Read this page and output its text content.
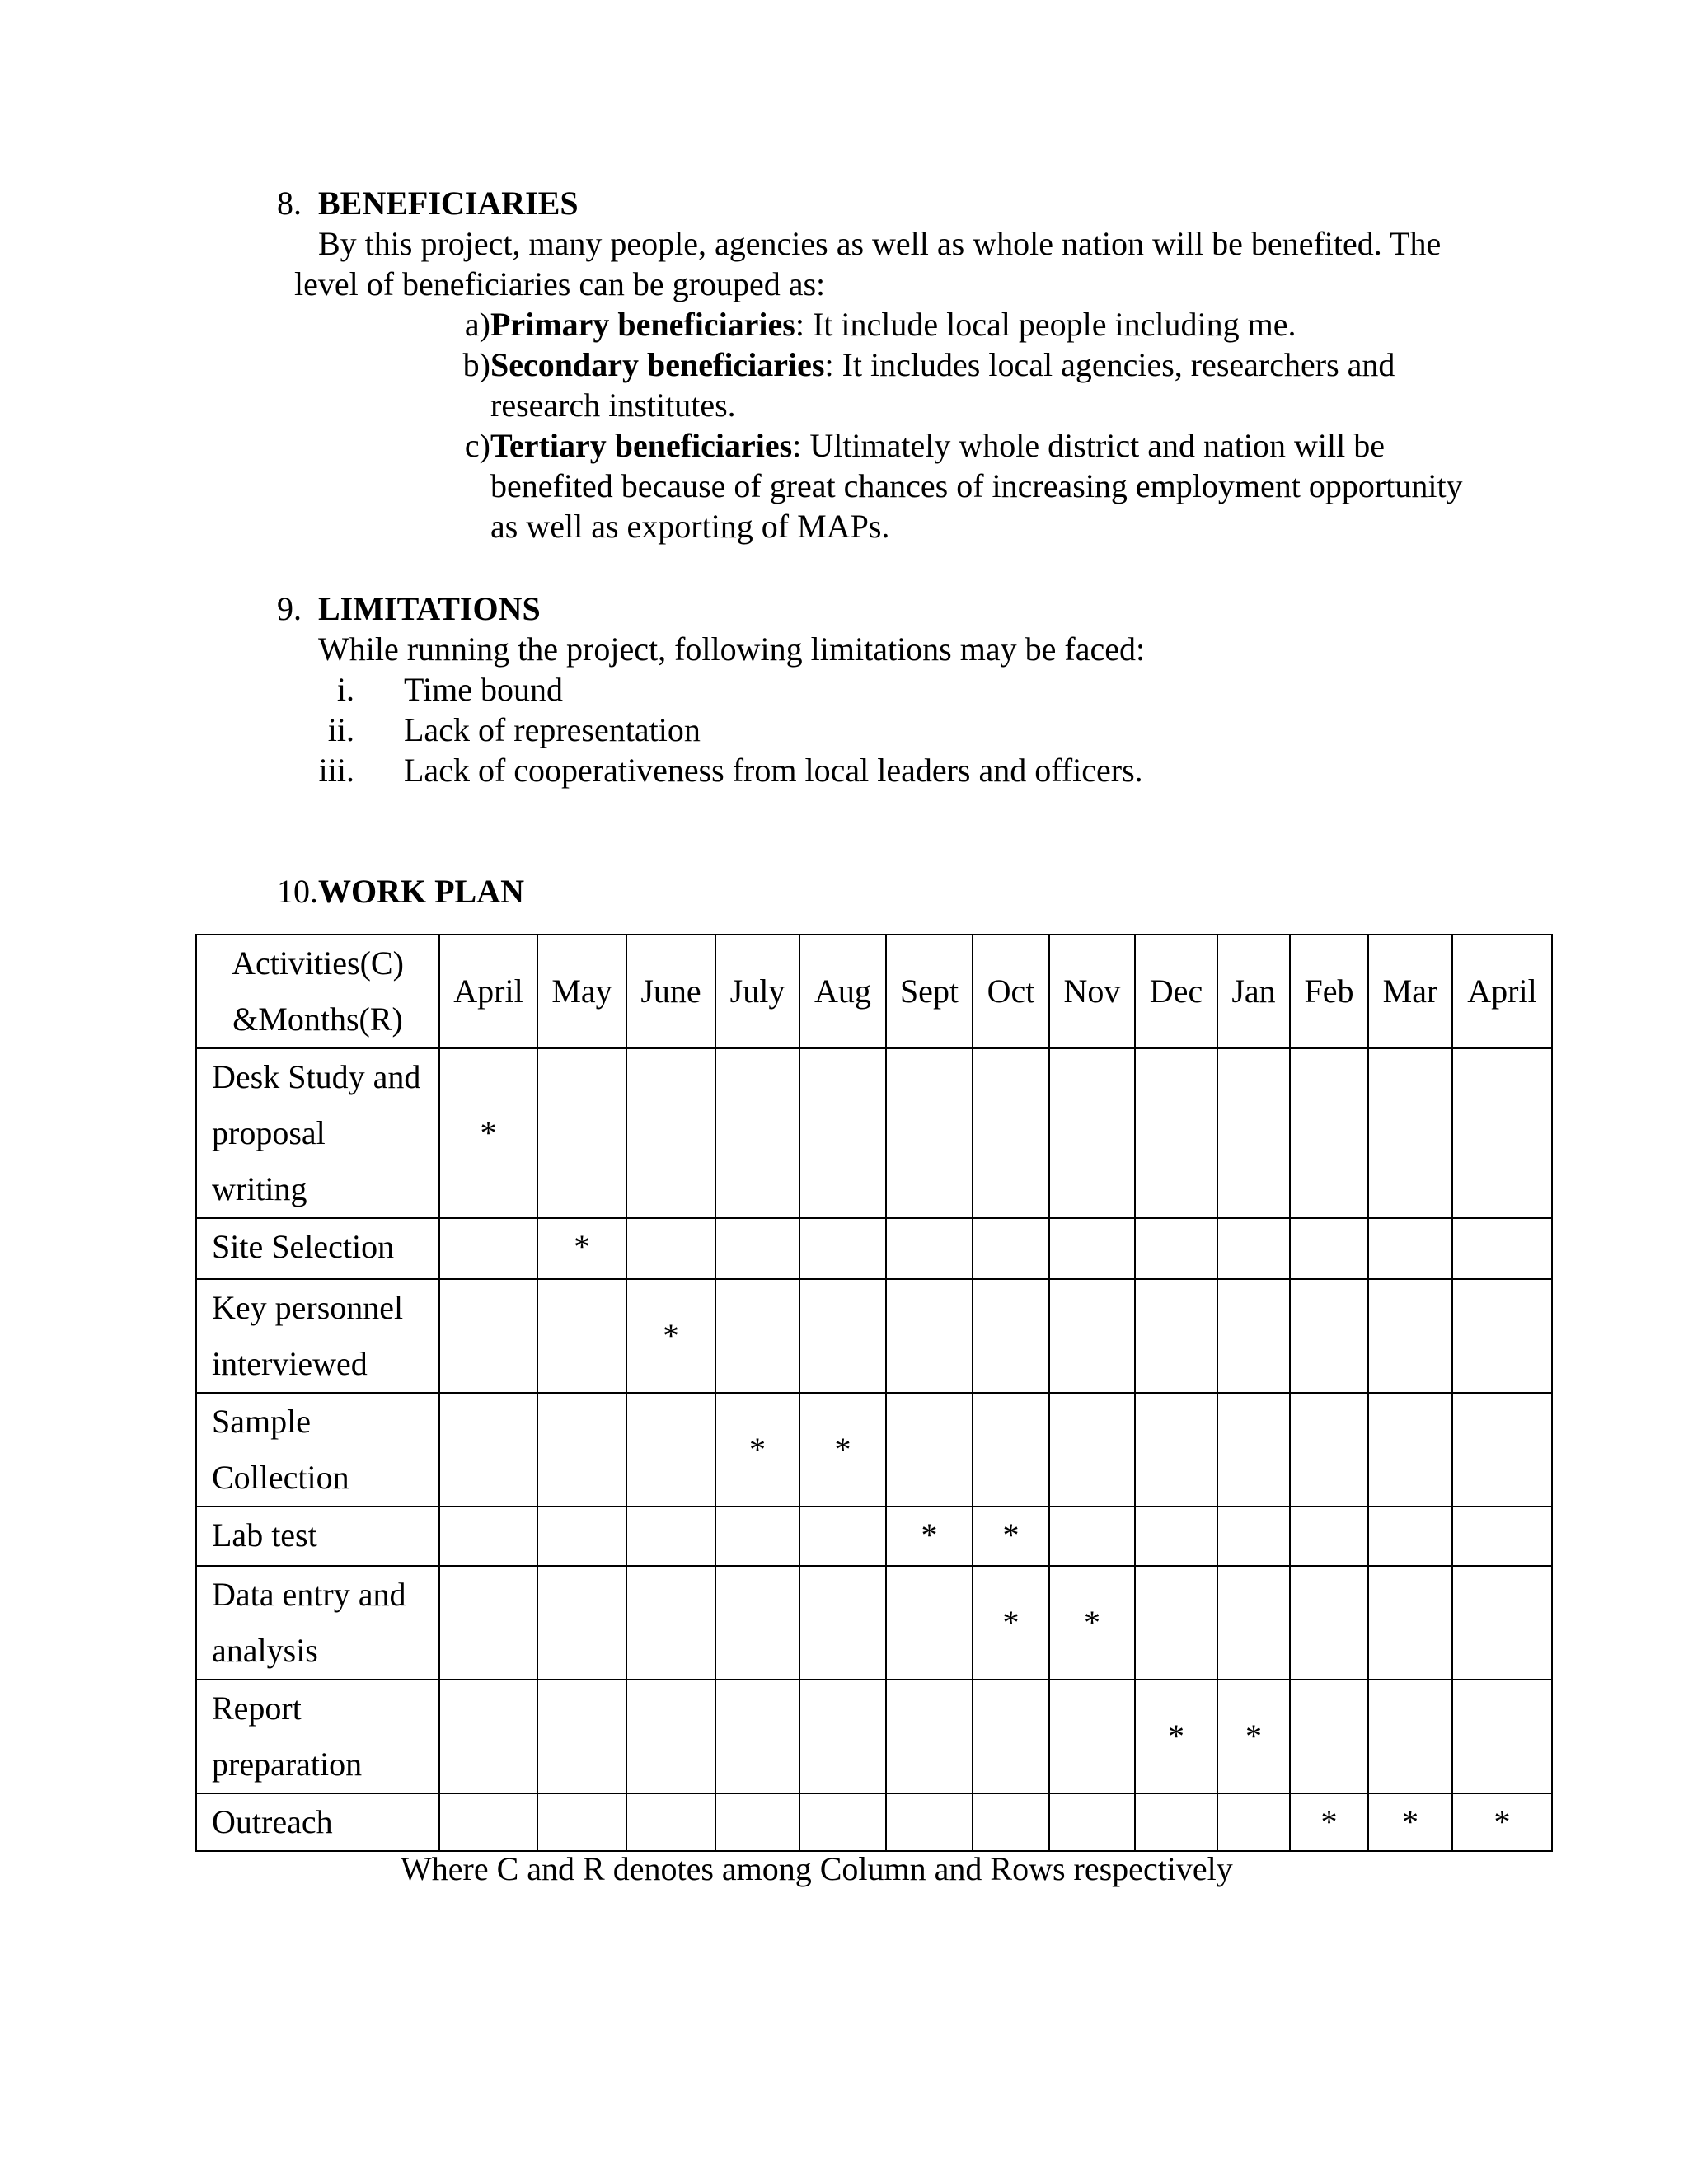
8. BENEFICIARIES
By this project, many people, agencies as well as whole nation will be benefited. The
level of beneficiaries can be grouped as:
a) Primary beneficiaries: It include local people including me.
b) Secondary beneficiaries: It includes local agencies, researchers and
research institutes.
c) Tertiary beneficiaries: Ultimately whole district and nation will be
benefited because of great chances of increasing employment opportunity
as well as exporting of MAPs.
9. LIMITATIONS
While running the project, following limitations may be faced:
i. Time bound
ii. Lack of representation
iii. Lack of cooperativeness from local leaders and officers.
10. WORK PLAN
Activities(C)
&Months(R)	April	May	June	July	Aug	Sept	Oct	Nov	Dec	Jan	Feb	Mar	April

Desk Study and
proposal
writing	*												

Site Selection		*											

Key personnel
interviewed			*										

Sample
Collection				*	*								

Lab test						*	*						

Data entry and
analysis							*	*					

Report
preparation									*	*			

Outreach											*	*	*
Where C and R denotes among Column and Rows respectively
